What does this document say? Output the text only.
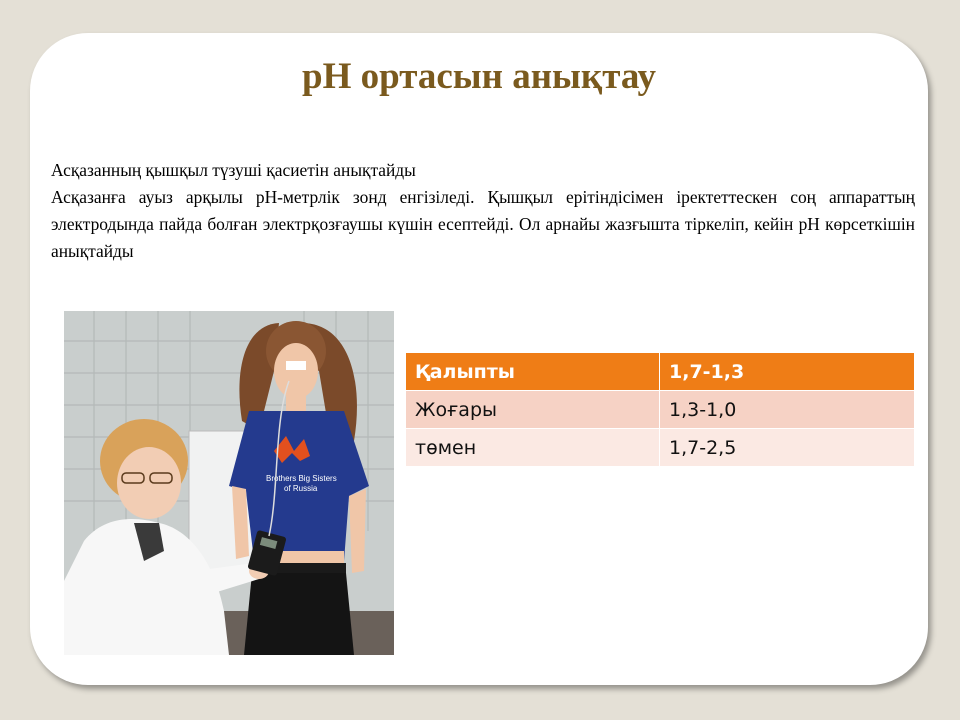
pH ортасын анықтау

Асқазанның қышқыл түзуші қасиетін анықтайды

Асқазанға ауыз арқылы рН-метрлік зонд енгізіледі. Қышқыл ерітіндісімен іректеттескен соң аппараттың электродында пайда болған электрқозғаушы күшін есептейді. Ол арнайы жазғышта тіркеліп, кейін рН көрсеткішін анықтайды

Brothers Big Sisters
of Russia
Қалыпты	1,7-1,3
Жоғары	1,3-1,0
төмен	1,7-2,5
